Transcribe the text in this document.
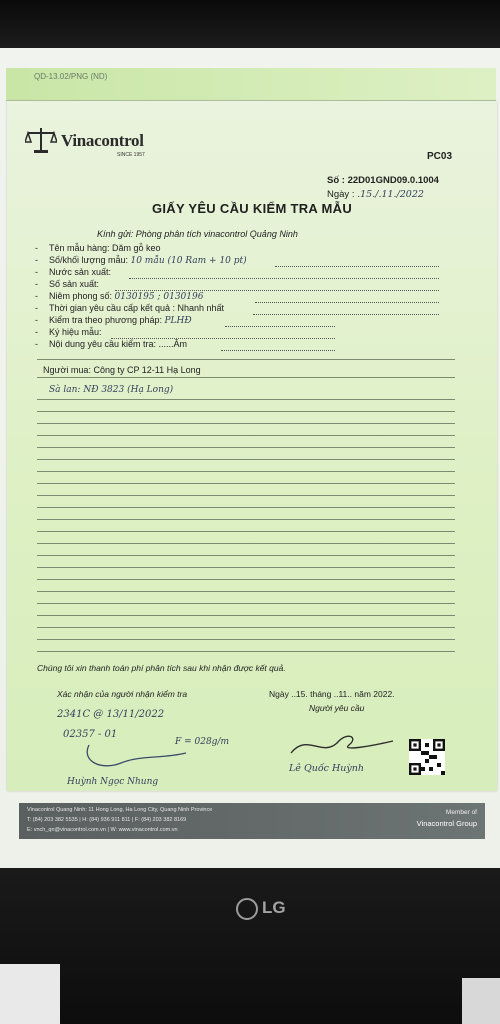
QD-13.02/PNG (ND)
Vinacontrol
SINCE 1957	PC03
Số : 22D01GND09.0.1004
Ngày : .15./.11./2022
GIẤY YÊU CẦU KIỂM TRA MẪU
Kính gửi: Phòng phân tích vinacontrol Quảng Ninh
- Tên mẫu hàng: Dăm gỗ keo
- Số/khối lượng mẫu: 10 mẫu (10 Ram + 10 pt)
- Nước sản xuất:
- Số sản xuất:
- Niêm phong số: 0130195 ; 0130196
- Thời gian yêu cầu cấp kết quả : Nhanh nhất
- Kiểm tra theo phương pháp: PLHĐ
- Ký hiệu mẫu:
- Nội dung yêu cầu kiểm tra: ......Âm
Người mua: Công ty CP 12-11 Hạ Long
Sà lan: NĐ 3823 (Hạ Long)
Chúng tôi xin thanh toán phí phân tích sau khi nhận được kết quả.
Xác nhận của người nhận kiểm tra	Ngày ..15. tháng ..11.. năm 2022.
Người yêu cầu
2341C @ 13/11/2022
02357 - 01
F = 028g/m
Huỳnh Ngọc Nhung
Lê Quốc Huỳnh
Vinacontrol Quang Ninh: 11 Hong Long, Ha Long City, Quang Ninh Province
T: (84) 203 382 5535 | H: (84) 936 911 811 | F: (84) 203 382 8169
E: vnch_qn@vinacontrol.com.vn | W: www.vinacontrol.com.vn
Member of
Vinacontrol Group
LG
